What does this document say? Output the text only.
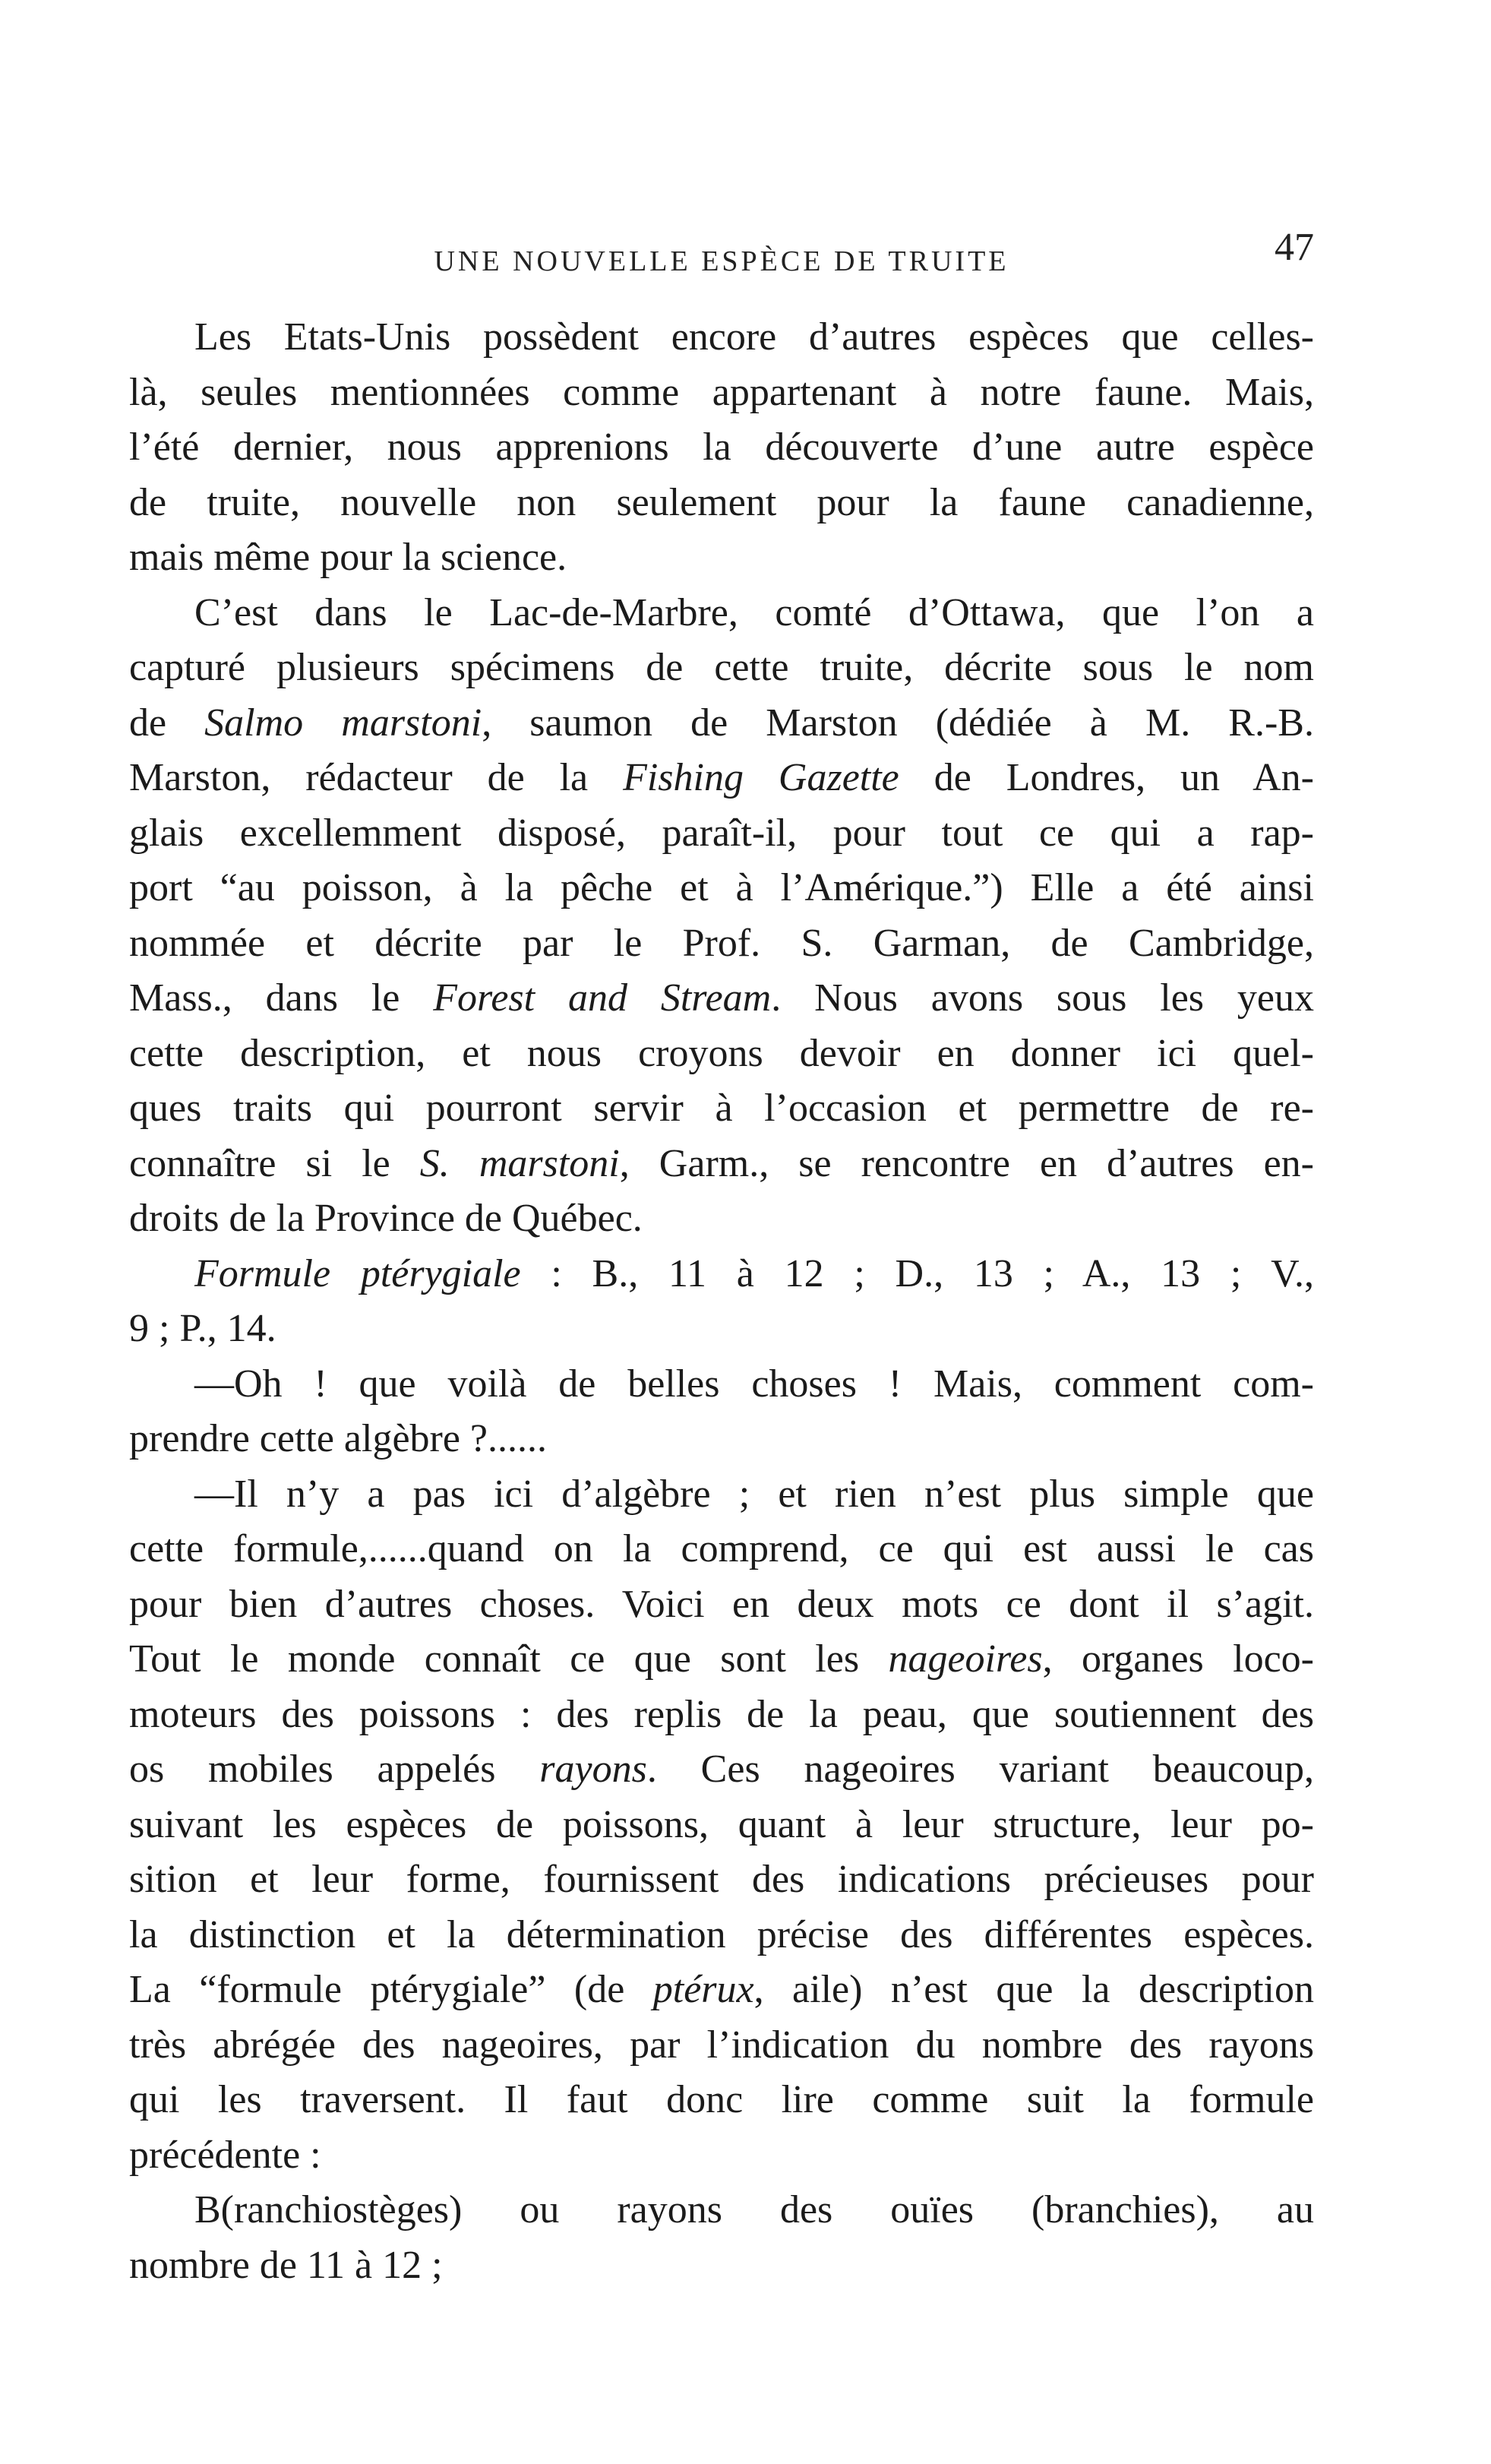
UNE NOUVELLE ESPÈCE DE TRUITE	47
Les Etats-Unis possèdent encore d’autres espèces que celles-
là, seules mentionnées comme appartenant à notre faune. Mais,
l’été dernier, nous apprenions la découverte d’une autre espèce
de truite, nouvelle non seulement pour la faune canadienne,
mais même pour la science.
C’est dans le Lac-de-Marbre, comté d’Ottawa, que l’on a
capturé plusieurs spécimens de cette truite, décrite sous le nom
de Salmo marstoni, saumon de Marston (dédiée à M. R.-B.
Marston, rédacteur de la Fishing Gazette de Londres, un An-
glais excellemment disposé, paraît-il, pour tout ce qui a rap-
port “au poisson, à la pêche et à l’Amérique.”) Elle a été ainsi
nommée et décrite par le Prof. S. Garman, de Cambridge,
Mass., dans le Forest and Stream. Nous avons sous les yeux
cette description, et nous croyons devoir en donner ici quel-
ques traits qui pourront servir à l’occasion et permettre de re-
connaître si le S. marstoni, Garm., se rencontre en d’autres en-
droits de la Province de Québec.
Formule ptérygiale : B., 11 à 12 ; D., 13 ; A., 13 ; V.,
9 ; P., 14.
—Oh ! que voilà de belles choses ! Mais, comment com-
prendre cette algèbre ?......
—Il n’y a pas ici d’algèbre ; et rien n’est plus simple que
cette formule,......quand on la comprend, ce qui est aussi le cas
pour bien d’autres choses. Voici en deux mots ce dont il s’agit.
Tout le monde connaît ce que sont les nageoires, organes loco-
moteurs des poissons : des replis de la peau, que soutiennent des
os mobiles appelés rayons. Ces nageoires variant beaucoup,
suivant les espèces de poissons, quant à leur structure, leur po-
sition et leur forme, fournissent des indications précieuses pour
la distinction et la détermination précise des différentes espèces.
La “formule ptérygiale” (de ptérux, aile) n’est que la description
très abrégée des nageoires, par l’indication du nombre des rayons
qui les traversent. Il faut donc lire comme suit la formule
précédente :
B(ranchiostèges) ou rayons des ouïes (branchies), au
nombre de 11 à 12 ;
